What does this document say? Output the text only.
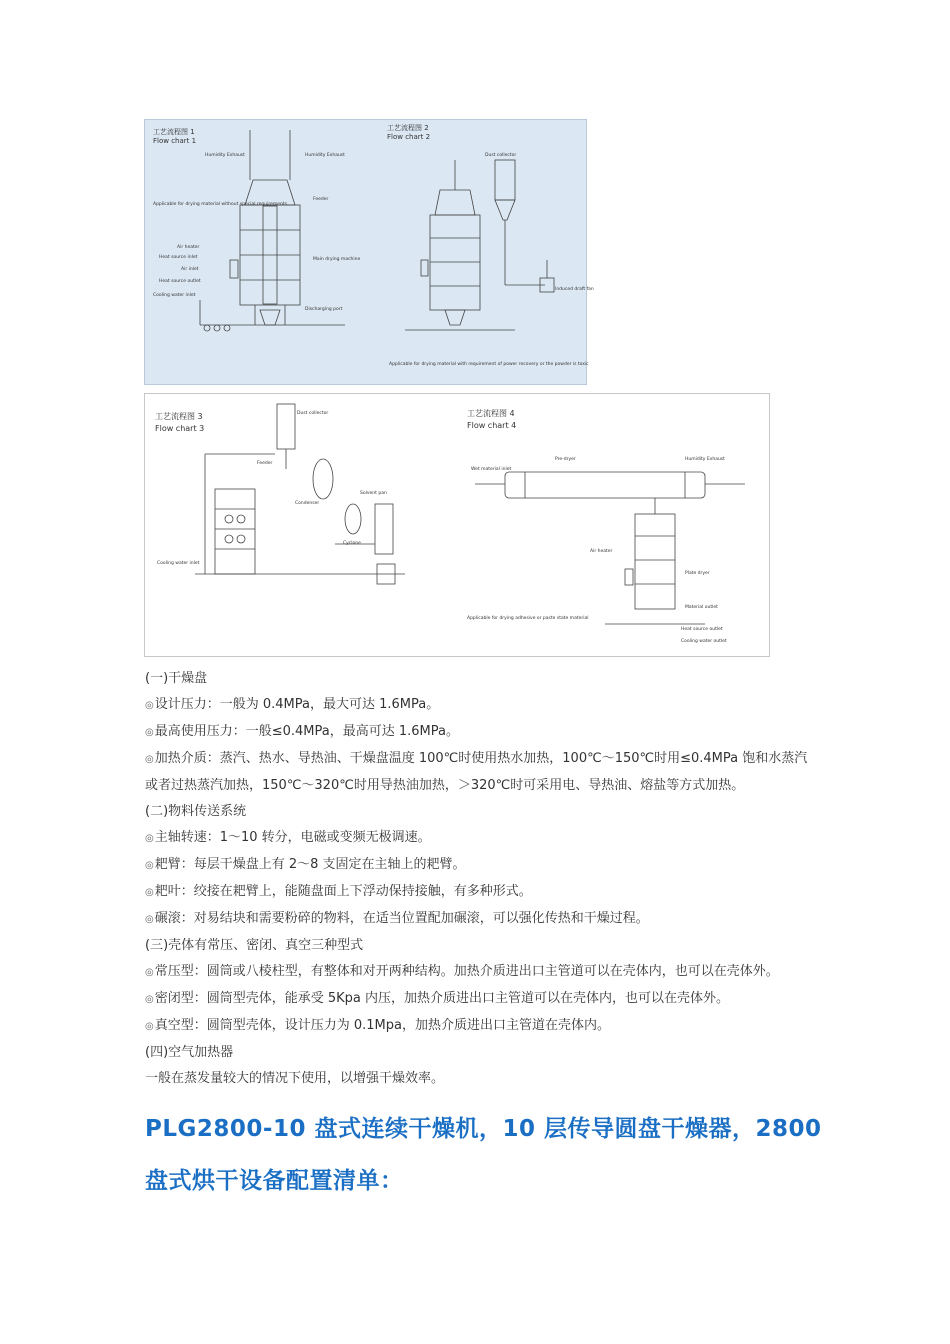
工艺流程图 1
Flow chart 1
工艺流程图 2
Flow chart 2
Humidity Exhaust	Humidity Exhaust
Feeder
Air heater
Heat source inlet
Air inlet
Heat source outlet
Cooling water inlet
Main drying machine
Discharging port
Applicable for drying material without special requirements
Dust collector
Induced draft fan
Applicable for drying material with requirement of power recovery or the powder is toxic
工艺流程图 3
Flow chart 3
工艺流程图 4
Flow chart 4
Dust collector
Feeder
Condenser
Cyclone
Solvent pan
Cooling water inlet
Wet material inlet
Pre-dryer	Humidity Exhaust
Air heater
Plate dryer
Material outlet
Cooling water outlet
Heat source outlet
Applicable for drying adhesive or paste state material
(一)干燥盘
◎设计压力：一般为 0.4MPa，最大可达 1.6MPa。
◎最高使用压力：一般≤0.4MPa，最高可达 1.6MPa。
◎加热介质：蒸汽、热水、导热油、干燥盘温度 100℃时使用热水加热，100℃～150℃时用≤0.4MPa 饱和水蒸汽或者过热蒸汽加热，150℃～320℃时用导热油加热，＞320℃时可采用电、导热油、熔盐等方式加热。
(二)物料传送系统
◎主轴转速：1～10 转分，电磁或变频无极调速。
◎耙臂：每层干燥盘上有 2～8 支固定在主轴上的耙臂。
◎耙叶：绞接在耙臂上，能随盘面上下浮动保持接触，有多种形式。
◎碾滚：对易结块和需要粉碎的物料，在适当位置配加碾滚，可以强化传热和干燥过程。
(三)壳体有常压、密闭、真空三种型式
◎常压型：圆筒或八棱柱型，有整体和对开两种结构。加热介质进出口主管道可以在壳体内，也可以在壳体外。
◎密闭型：圆筒型壳体，能承受 5Kpa 内压，加热介质进出口主管道可以在壳体内，也可以在壳体外。
◎真空型：圆筒型壳体，设计压力为 0.1Mpa，加热介质进出口主管道在壳体内。
(四)空气加热器
一般在蒸发量较大的情况下使用，以增强干燥效率。
PLG2800-10 盘式连续干燥机，10 层传导圆盘干燥器，2800
盘式烘干设备配置清单：
